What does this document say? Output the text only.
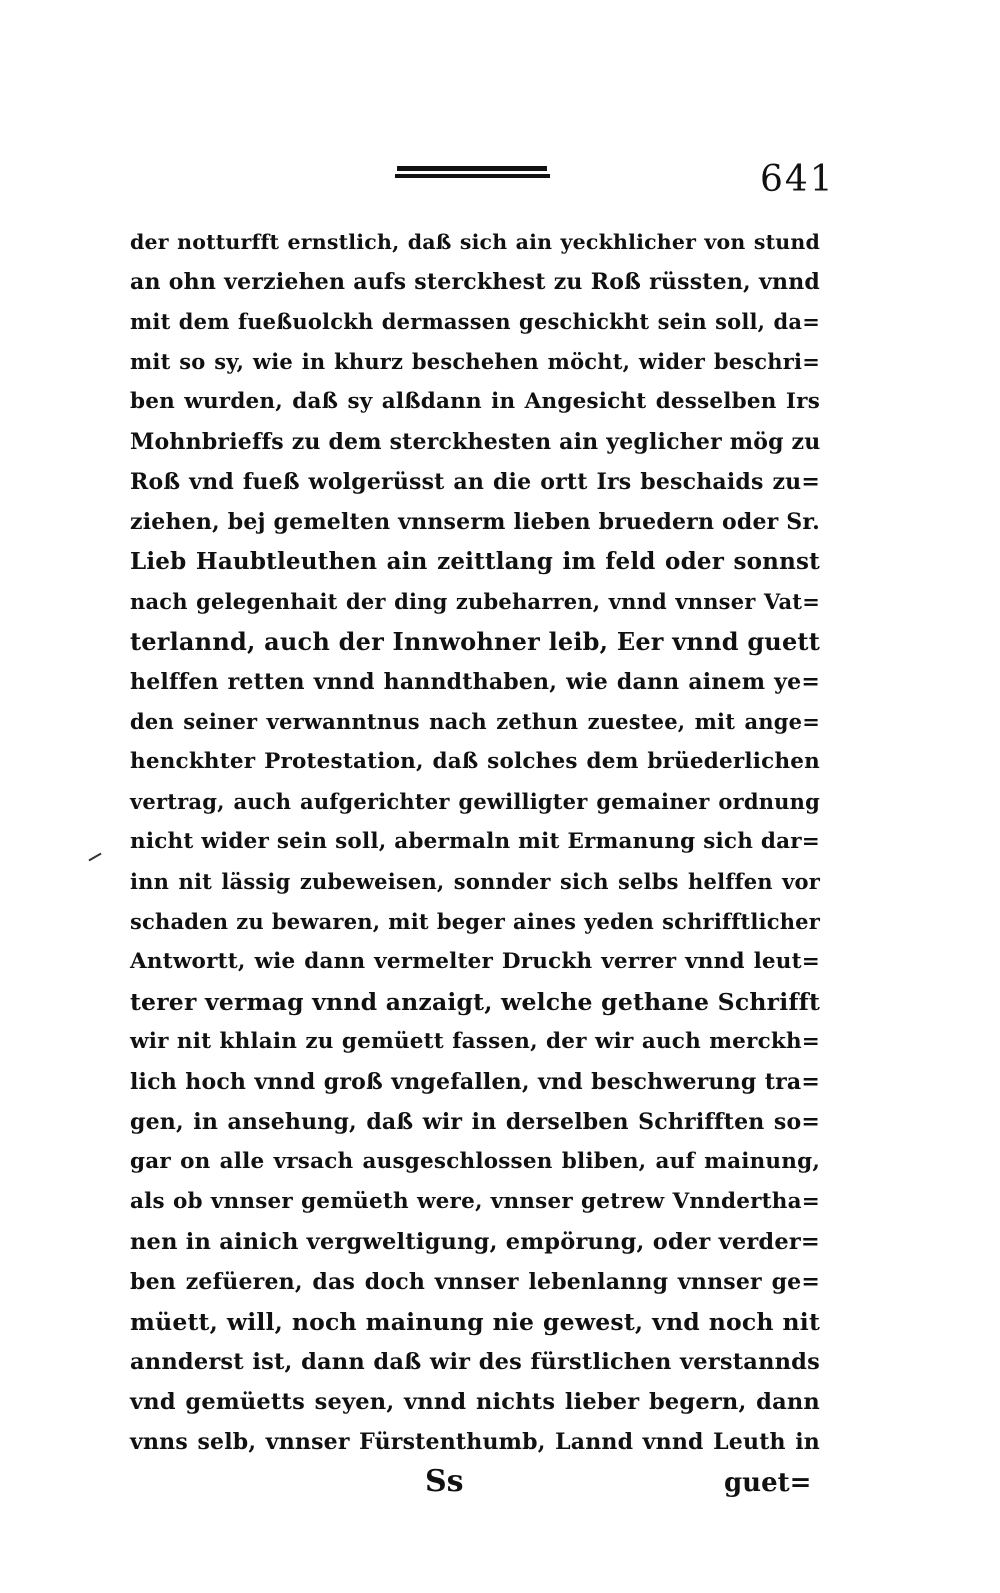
641
der notturfft ernstlich, daß sich ain yeckhlicher von stund
an ohn verziehen aufs sterckhest zu Roß rüssten, vnnd
mit dem fueßuolckh dermassen geschickht sein soll, da=
mit so sy, wie in khurz beschehen möcht, wider beschri=
ben wurden, daß sy alßdann in Angesicht desselben Irs
Mohnbrieffs zu dem sterckhesten ain yeglicher mög zu
Roß vnd fueß wolgerüsst an die ortt Irs beschaids zu=
ziehen, bej gemelten vnnserm lieben bruedern oder Sr.
Lieb Haubtleuthen ain zeittlang im feld oder sonnst
nach gelegenhait der ding zubeharren, vnnd vnnser Vat=
terlannd, auch der Innwohner leib, Eer vnnd guett
helffen retten vnnd hanndthaben, wie dann ainem ye=
den seiner verwanntnus nach zethun zuestee, mit ange=
henckhter Protestation, daß solches dem brüederlichen
vertrag, auch aufgerichter gewilligter gemainer ordnung
nicht wider sein soll, abermaln mit Ermanung sich dar=
inn nit lässig zubeweisen, sonnder sich selbs helffen vor
schaden zu bewaren, mit beger aines yeden schrifftlicher
Antwortt, wie dann vermelter Druckh verrer vnnd leut=
terer vermag vnnd anzaigt, welche gethane Schrifft
wir nit khlain zu gemüett fassen, der wir auch merckh=
lich hoch vnnd groß vngefallen, vnd beschwerung tra=
gen, in ansehung, daß wir in derselben Schrifften so=
gar on alle vrsach ausgeschlossen bliben, auf mainung,
als ob vnnser gemüeth were, vnnser getrew Vnndertha=
nen in ainich vergweltigung, empörung, oder verder=
ben zefüeren, das doch vnnser lebenlanng vnnser ge=
müett, will, noch mainung nie gewest, vnd noch nit
annderst ist, dann daß wir des fürstlichen verstannds
vnd gemüetts seyen, vnnd nichts lieber begern, dann
vnns selb, vnnser Fürstenthumb, Lannd vnnd Leuth in
Ss	guet=
